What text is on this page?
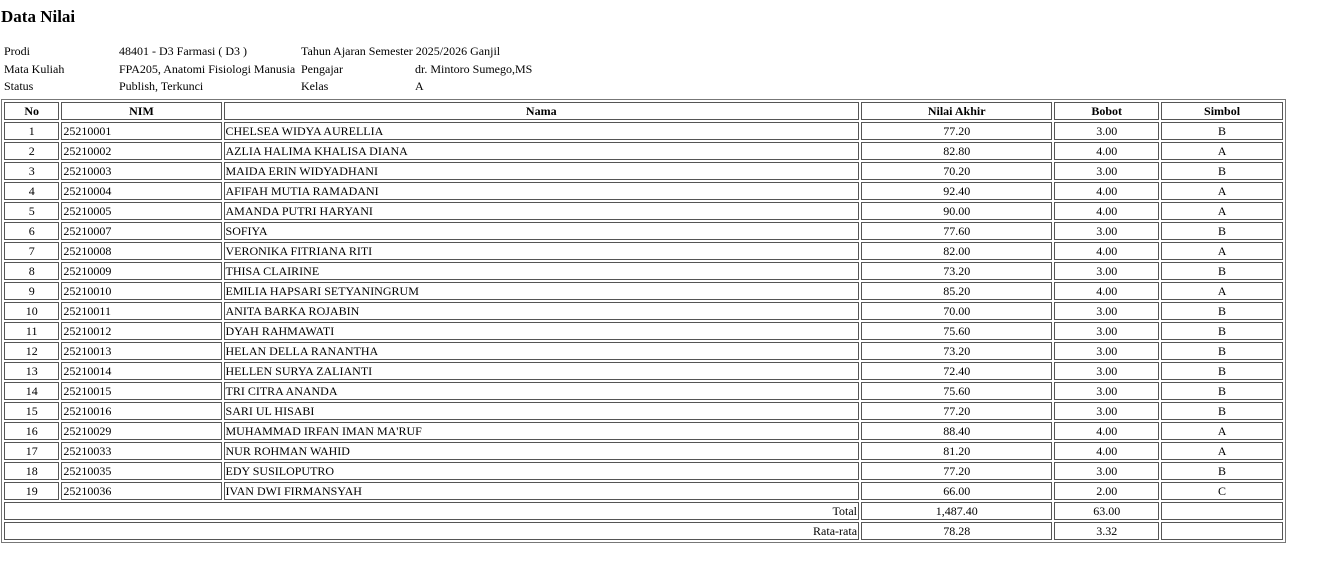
Data Nilai
Prodi	48401 - D3 Farmasi ( D3 )	Tahun Ajaran Semester 2025/2026 Ganjil	
Mata Kuliah	FPA205, Anatomi Fisiologi Manusia	Pengajar	dr. Mintoro Sumego,MS
Status	Publish, Terkunci	Kelas	A
No	NIM	Nama	Nilai Akhir	Bobot	Simbol
1	25210001	CHELSEA WIDYA AURELLIA	77.20	3.00	B
2	25210002	AZLIA HALIMA KHALISA DIANA	82.80	4.00	A
3	25210003	MAIDA ERIN WIDYADHANI	70.20	3.00	B
4	25210004	AFIFAH MUTIA RAMADANI	92.40	4.00	A
5	25210005	AMANDA PUTRI HARYANI	90.00	4.00	A
6	25210007	SOFIYA	77.60	3.00	B
7	25210008	VERONIKA FITRIANA RITI	82.00	4.00	A
8	25210009	THISA CLAIRINE	73.20	3.00	B
9	25210010	EMILIA HAPSARI SETYANINGRUM	85.20	4.00	A
10	25210011	ANITA BARKA ROJABIN	70.00	3.00	B
11	25210012	DYAH RAHMAWATI	75.60	3.00	B
12	25210013	HELAN DELLA RANANTHA	73.20	3.00	B
13	25210014	HELLEN SURYA ZALIANTI	72.40	3.00	B
14	25210015	TRI CITRA ANANDA	75.60	3.00	B
15	25210016	SARI UL HISABI	77.20	3.00	B
16	25210029	MUHAMMAD IRFAN IMAN MA'RUF	88.40	4.00	A
17	25210033	NUR ROHMAN WAHID	81.20	4.00	A
18	25210035	EDY SUSILOPUTRO	77.20	3.00	B
19	25210036	IVAN DWI FIRMANSYAH	66.00	2.00	C
Total			1,487.40	63.00	
Rata-rata			78.28	3.32	
